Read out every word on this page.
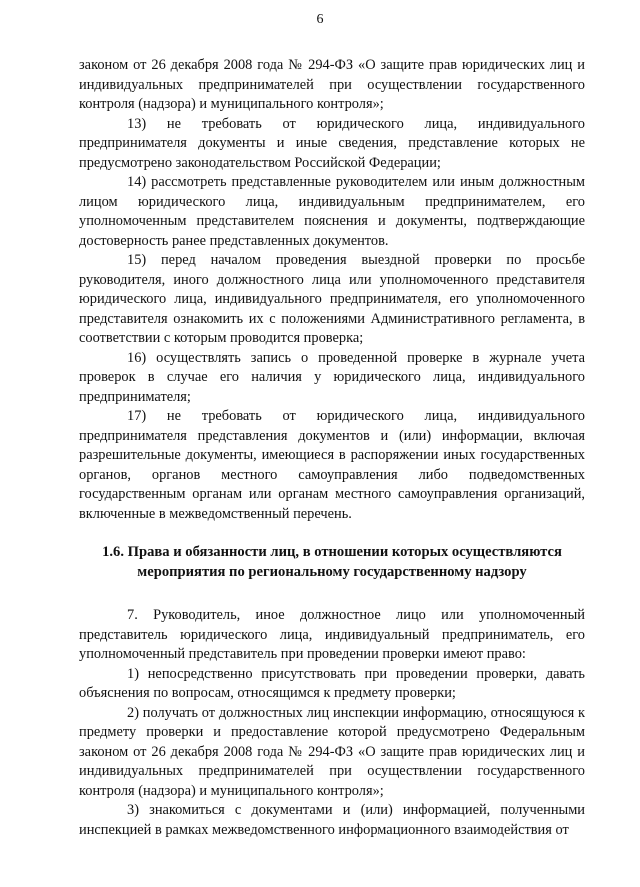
6

законом от 26 декабря 2008 года № 294-ФЗ «О защите прав юридических лиц и индивидуальных предпринимателей при осуществлении государственного контроля (надзора) и муниципального контроля»;

13) не требовать от юридического лица, индивидуального предпринимателя документы и иные сведения, представление которых не предусмотрено законодательством Российской Федерации;

14) рассмотреть представленные руководителем или иным должностным лицом юридического лица, индивидуальным предпринимателем, его уполномоченным представителем пояснения и документы, подтверждающие достоверность ранее представленных документов.

15) перед началом проведения выездной проверки по просьбе руководителя, иного должностного лица или уполномоченного представителя юридического лица, индивидуального предпринимателя, его уполномоченного представителя ознакомить их с положениями Административного регламента, в соответствии с которым проводится проверка;

16) осуществлять запись о проведенной проверке в журнале учета проверок в случае его наличия у юридического лица, индивидуального предпринимателя;

17) не требовать от юридического лица, индивидуального предпринимателя представления документов и (или) информации, включая разрешительные документы, имеющиеся в распоряжении иных государственных органов, органов местного самоуправления либо подведомственных государственным органам или органам местного самоуправления организаций, включенные в межведомственный перечень.

1.6. Права и обязанности лиц, в отношении которых осуществляются мероприятия по региональному государственному надзору

7. Руководитель, иное должностное лицо или уполномоченный представитель юридического лица, индивидуальный предприниматель, его уполномоченный представитель при проведении проверки имеют право:

1) непосредственно присутствовать при проведении проверки, давать объяснения по вопросам, относящимся к предмету проверки;

2) получать от должностных лиц инспекции информацию, относящуюся к предмету проверки и предоставление которой предусмотрено Федеральным законом от 26 декабря 2008 года № 294-ФЗ «О защите прав юридических лиц и индивидуальных предпринимателей при осуществлении государственного контроля (надзора) и муниципального контроля»;

3) знакомиться с документами и (или) информацией, полученными инспекцией в рамках межведомственного информационного взаимодействия от
